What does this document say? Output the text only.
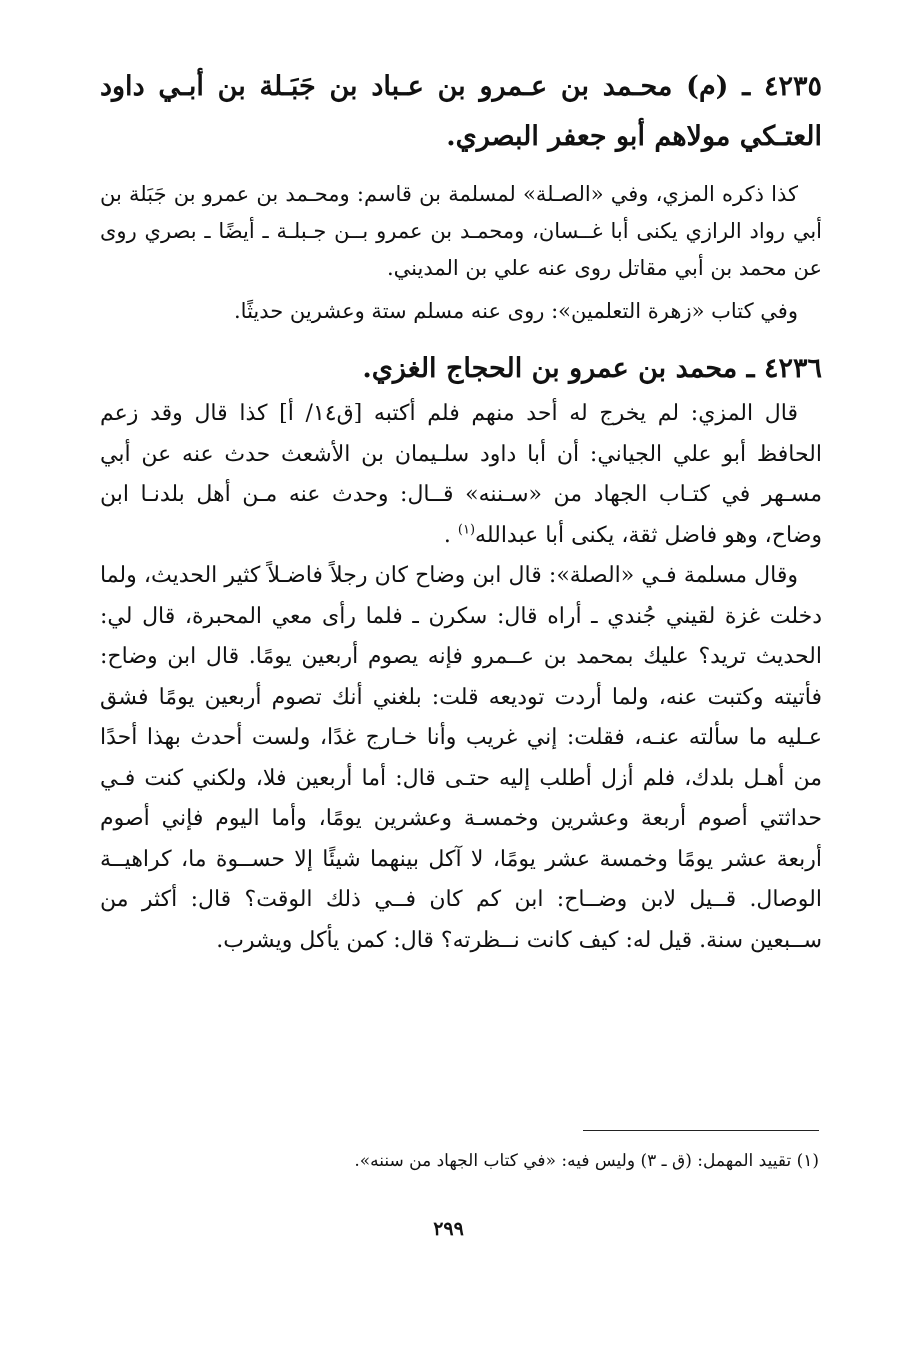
٤٢٣٥ ـ (م) محـمد بن عـمرو بن عـباد بن جَبَـلة بن أبـي داود العتـكي مولاهم أبو جعفر البصري.

كذا ذكره المزي، وفي «الصـلة» لمسلمة بن قاسم: ومحـمد بن عمرو بن جَبَلة بن أبي رواد الرازي يكنى أبا غــسان، ومحمـد بن عمرو بــن جـبلـة ـ أيضًا ـ بصري روى عن محمد بن أبي مقاتل روى عنه علي بن المديني.

وفي كتاب «زهرة التعلمين»: روى عنه مسلم ستة وعشرين حديثًا.

٤٢٣٦ ـ محمد بن عمرو بن الحجاج الغزي.

قال المزي: لم يخرج له أحد منهم فلم أكتبه [ق١٤/ أ] كذا قال وقد زعم الحافظ أبو علي الجياني: أن أبا داود سلـيمان بن الأشعث حدث عنه عن أبي مسـهر في كتـاب الجهاد من «سـننه» قــال: وحدث عنه مـن أهل بلدنـا ابن وضاح، وهو فاضل ثقة، يكنى أبا عبدالله$^{(١)}$ .

وقال مسلمة فـي «الصلة»: قال ابن وضاح كان رجلاً فاضـلاً كثير الحديث، ولما دخلت غزة لقيني جُندي ـ أراه قال: سكرن ـ فلما رأى معي المحبرة، قال لي: الحديث تريد؟ عليك بمحمد بن عــمرو فإنه يصوم أربعين يومًا. قال ابن وضاح: فأتيته وكتبت عنه، ولما أردت توديعه قلت: بلغني أنك تصوم أربعين يومًا فشق عـليه ما سألته عنـه، فقلت: إني غريب وأنا خـارج غدًا، ولست أحدث بهذا أحدًا من أهـل بلدك، فلم أزل أطلب إليه حتـى قال: أما أربعين فلا، ولكني كنت فـي حداثتي أصوم أربعة وعشرين وخمسـة وعشرين يومًا، وأما اليوم فإني أصوم أربعة عشر يومًا وخمسة عشر يومًا، لا آكل بينهما شيئًا إلا حســوة ما، كراهيــة الوصال. قــيل لابن وضــاح: ابن كم كان فــي ذلك الوقت؟ قال: أكثر من ســبعين سنة. قيل له: كيف كانت نــظرته؟ قال: كمن يأكل ويشرب.

(١) تقييد المهمل: (ق ـ ٣) وليس فيه: «في كتاب الجهاد من سننه».
٢٩٩
